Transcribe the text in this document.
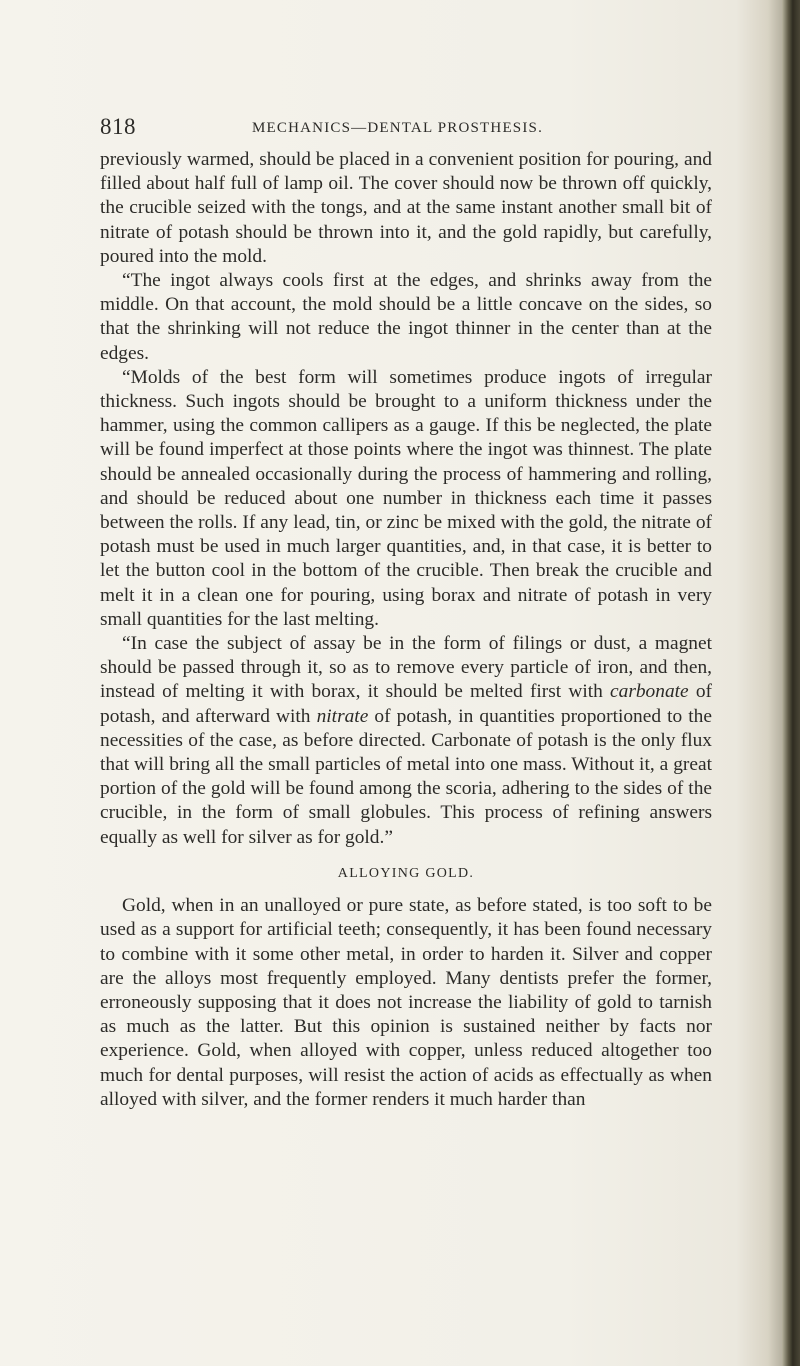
818	MECHANICS—DENTAL PROSTHESIS.

previously warmed, should be placed in a convenient position for pouring, and filled about half full of lamp oil. The cover should now be thrown off quickly, the crucible seized with the tongs, and at the same instant another small bit of nitrate of potash should be thrown into it, and the gold rapidly, but carefully, poured into the mold.

“The ingot always cools first at the edges, and shrinks away from the middle. On that account, the mold should be a little concave on the sides, so that the shrinking will not reduce the ingot thinner in the center than at the edges.

“Molds of the best form will sometimes produce ingots of irregular thickness. Such ingots should be brought to a uniform thickness under the hammer, using the common callipers as a gauge. If this be neglected, the plate will be found imperfect at those points where the ingot was thinnest. The plate should be annealed occasionally during the process of hammering and rolling, and should be reduced about one number in thickness each time it passes between the rolls. If any lead, tin, or zinc be mixed with the gold, the nitrate of potash must be used in much larger quantities, and, in that case, it is better to let the button cool in the bottom of the crucible. Then break the crucible and melt it in a clean one for pouring, using borax and nitrate of potash in very small quantities for the last melting.

“In case the subject of assay be in the form of filings or dust, a magnet should be passed through it, so as to remove every particle of iron, and then, instead of melting it with borax, it should be melted first with carbonate of potash, and afterward with nitrate of potash, in quantities proportioned to the necessities of the case, as before directed. Carbonate of potash is the only flux that will bring all the small particles of metal into one mass. Without it, a great portion of the gold will be found among the scoria, adhering to the sides of the crucible, in the form of small globules. This process of refining answers equally as well for silver as for gold.”

ALLOYING GOLD.

Gold, when in an unalloyed or pure state, as before stated, is too soft to be used as a support for artificial teeth; consequently, it has been found necessary to combine with it some other metal, in order to harden it. Silver and copper are the alloys most frequently employed. Many dentists prefer the former, erroneously supposing that it does not increase the liability of gold to tarnish as much as the latter. But this opinion is sustained neither by facts nor experience. Gold, when alloyed with copper, unless reduced altogether too much for dental purposes, will resist the action of acids as effectually as when alloyed with silver, and the former renders it much harder than
